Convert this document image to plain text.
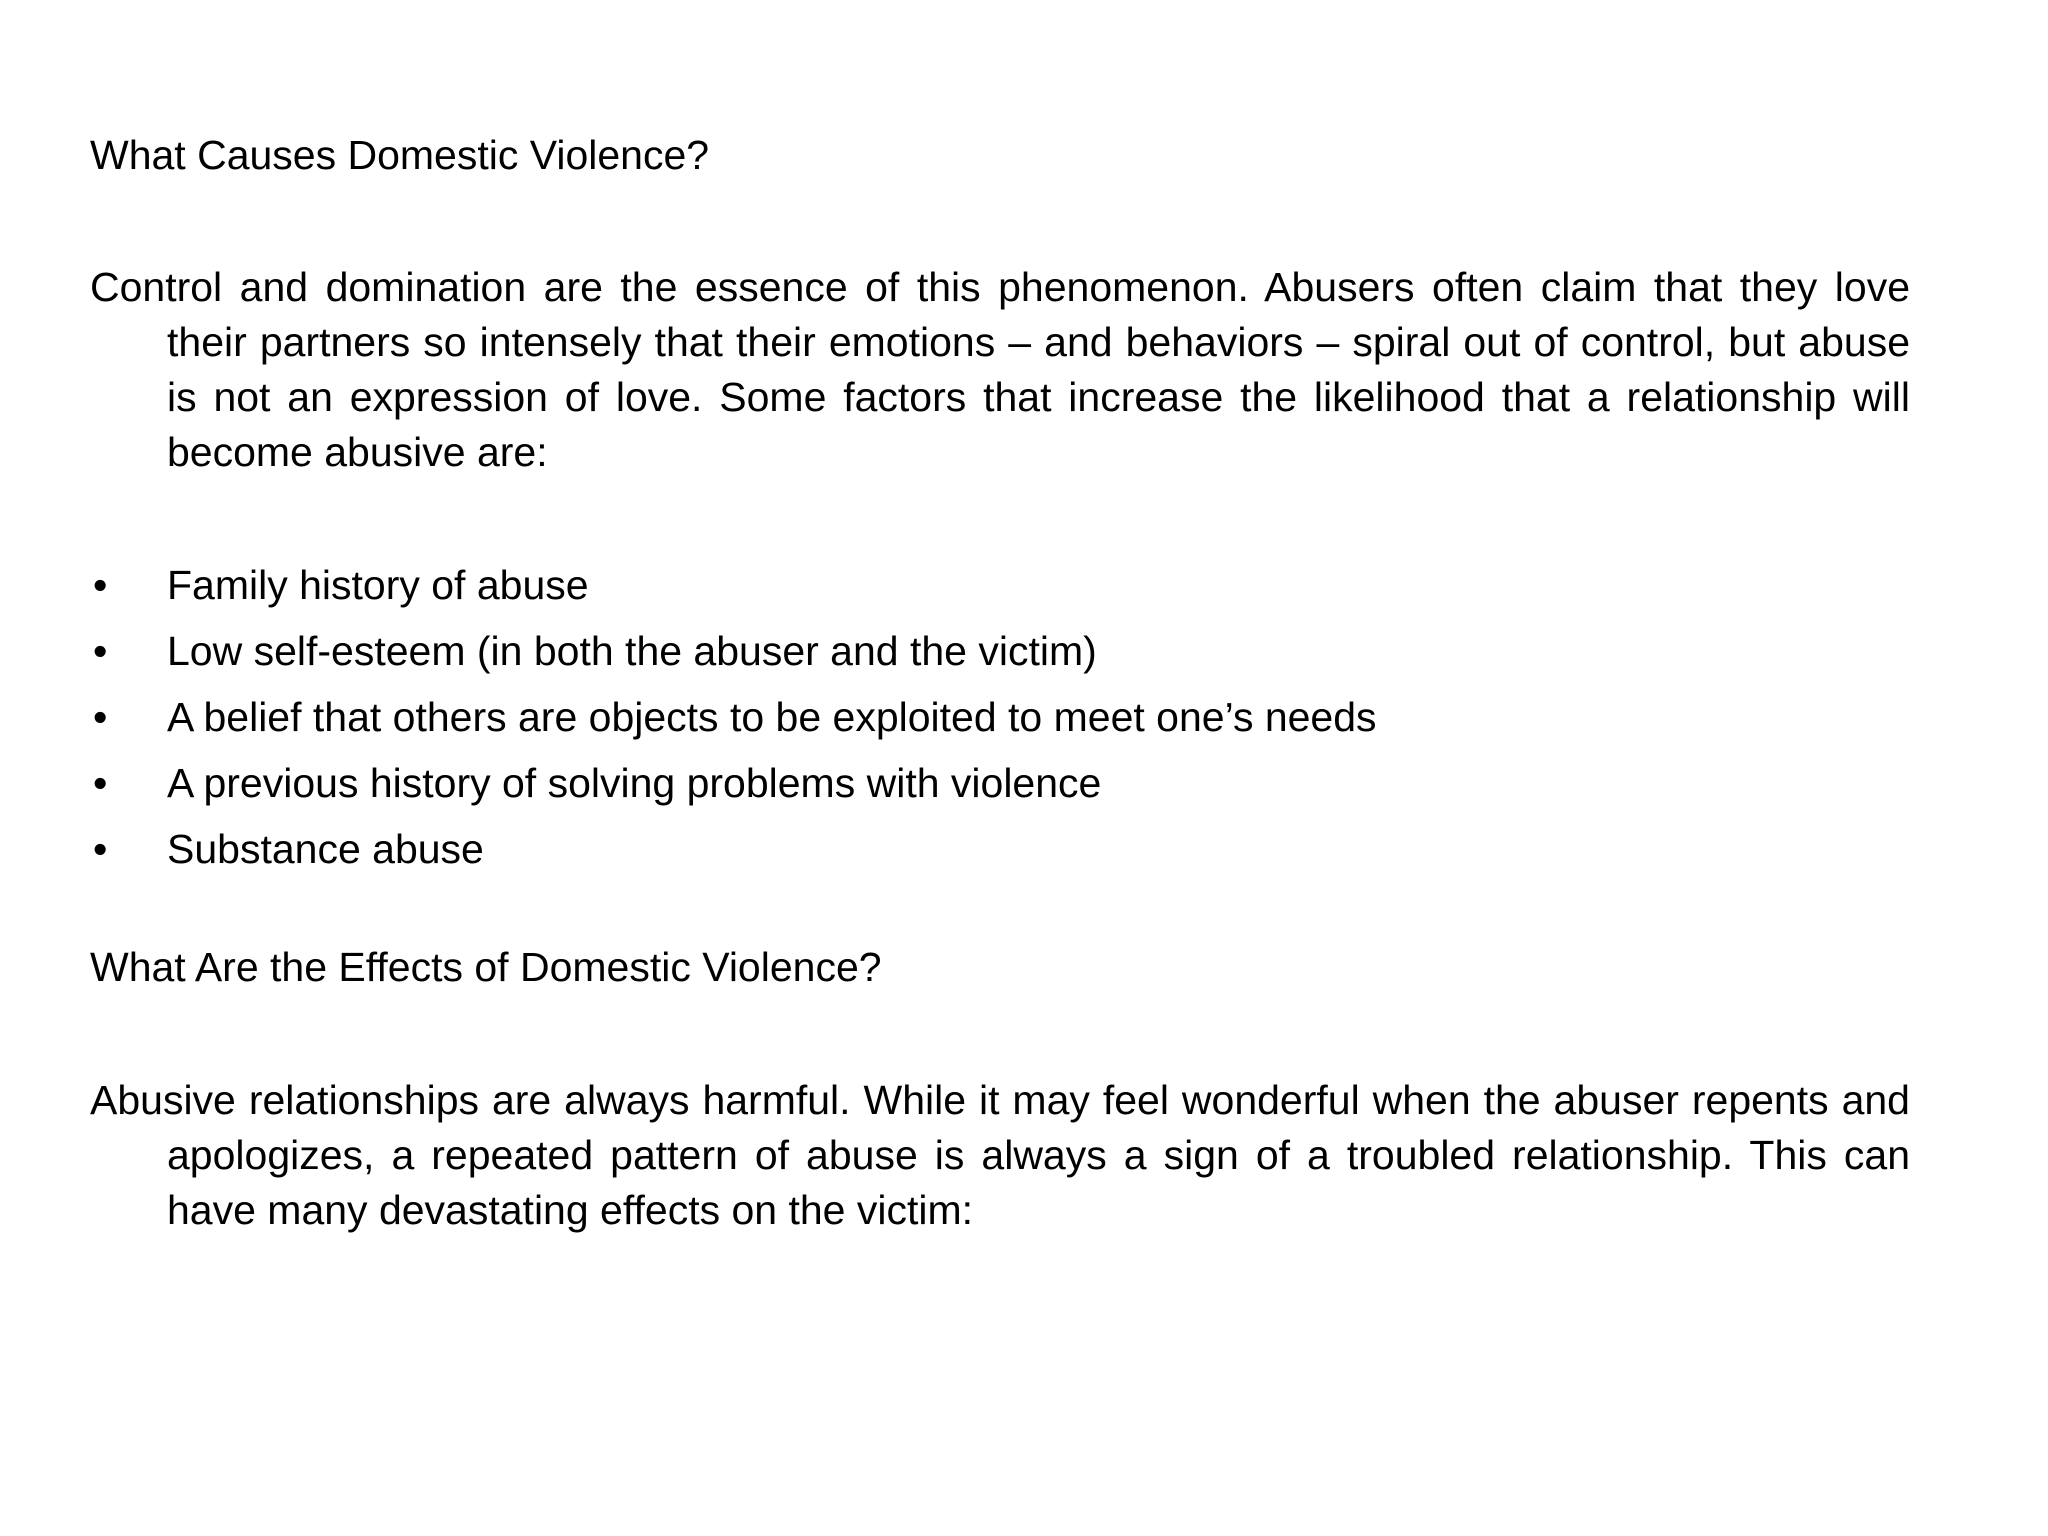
What Causes Domestic Violence?

Control and domination are the essence of this phenomenon. Abusers often claim that they love their partners so intensely that their emotions – and behaviors – spiral out of control, but abuse is not an expression of love. Some factors that increase the likelihood that a relationship will become abusive are:

•	Family history of abuse
•	Low self-esteem (in both the abuser and the victim)
•	A belief that others are objects to be exploited to meet one’s needs
•	A previous history of solving problems with violence
•	Substance abuse
What Are the Effects of Domestic Violence?

Abusive relationships are always harmful. While it may feel wonderful when the abuser repents and apologizes, a repeated pattern of abuse is always a sign of a troubled relationship. This can have many devastating effects on the victim:
